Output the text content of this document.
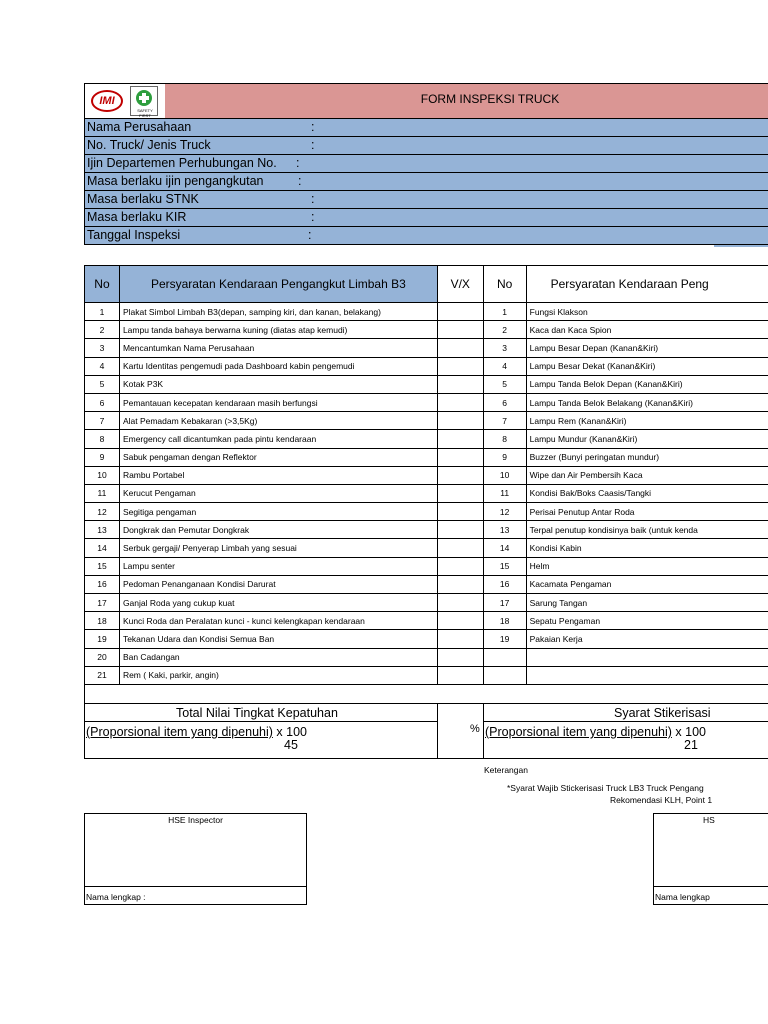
IMI
SAFETY FIRST
FORM INSPEKSI TRUCK
Nama Perusahaan	:
No. Truck/ Jenis Truck	:
Ijin Departemen Perhubungan No. :
Masa berlaku ijin pengangkutan	:
Masa berlaku STNK	:
Masa berlaku KIR	:
Tanggal Inspeksi	:
No	Persyaratan Kendaraan Pengangkut Limbah B3	V/X	No	Persyaratan Kendaraan Peng
1	Plakat Simbol Limbah B3(depan, samping kiri, dan kanan, belakang)		1	Fungsi Klakson
2	Lampu tanda bahaya berwarna kuning (diatas atap kemudi)		2	Kaca dan Kaca Spion
3	Mencantumkan Nama Perusahaan		3	Lampu Besar Depan (Kanan&Kiri)
4	Kartu Identitas pengemudi pada Dashboard kabin pengemudi		4	Lampu Besar Dekat (Kanan&Kiri)
5	Kotak P3K		5	Lampu Tanda Belok Depan (Kanan&Kiri)
6	Pemantauan kecepatan kendaraan masih berfungsi		6	Lampu Tanda Belok Belakang (Kanan&Kiri)
7	Alat Pemadam Kebakaran (>3,5Kg)		7	Lampu Rem (Kanan&Kiri)
8	Emergency call dicantumkan pada pintu kendaraan		8	Lampu Mundur (Kanan&Kiri)
9	Sabuk pengaman dengan Reflektor		9	Buzzer (Bunyi peringatan mundur)
10	Rambu Portabel		10	Wipe dan Air Pembersih Kaca
11	Kerucut Pengaman		11	Kondisi Bak/Boks Caasis/Tangki
12	Segitiga pengaman		12	Perisai Penutup Antar Roda
13	Dongkrak dan Pemutar Dongkrak		13	Terpal penutup kondisinya baik (untuk kenda
14	Serbuk gergaji/ Penyerap Limbah yang sesuai		14	Kondisi Kabin
15	Lampu senter		15	Helm
16	Pedoman Penanganaan Kondisi Darurat		16	Kacamata Pengaman
17	Ganjal Roda yang cukup kuat		17	Sarung Tangan
18	Kunci Roda dan Peralatan kunci - kunci kelengkapan kendaraan		18	Sepatu Pengaman
19	Tekanan Udara dan Kondisi Semua Ban		19	Pakaian Kerja
20	Ban Cadangan			
21	Rem ( Kaki, parkir, angin)			

Total Nilai Tingkat Kepatuhan
(Proporsional item yang dipenuhi) x 100
45
%
Syarat Stikerisasi
(Proporsional item yang dipenuhi) x 100
21
Keterangan
*Syarat Wajib Stickerisasi Truck LB3 Truck Pengang
Rekomendasi KLH, Point 1
HSE Inspector
Nama lengkap :
HS
Nama lengkap
